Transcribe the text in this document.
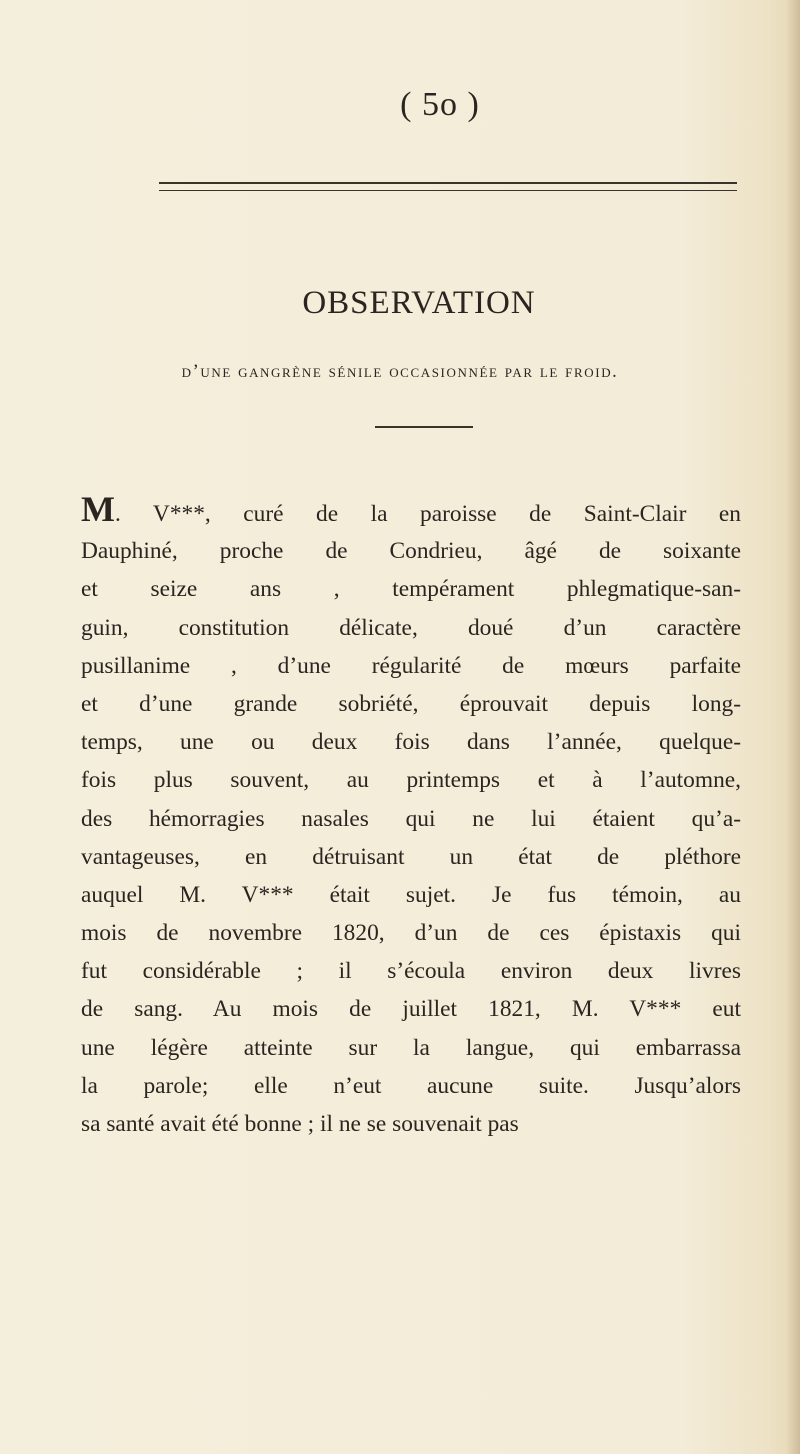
( 5o )
OBSERVATION
d’une gangrène sénile occasionnée par le froid.
M. V***, curé de la paroisse de Saint-Clair en
Dauphiné, proche de Condrieu, âgé de soixante
et seize ans , tempérament phlegmatique-san-
guin, constitution délicate, doué d’un caractère
pusillanime , d’une régularité de mœurs parfaite
et d’une grande sobriété, éprouvait depuis long-
temps, une ou deux fois dans l’année, quelque-
fois plus souvent, au printemps et à l’automne,
des hémorragies nasales qui ne lui étaient qu’a-
vantageuses, en détruisant un état de pléthore
auquel M. V*** était sujet. Je fus témoin, au
mois de novembre 1820, d’un de ces épistaxis qui
fut considérable ; il s’écoula environ deux livres
de sang. Au mois de juillet 1821, M. V*** eut
une légère atteinte sur la langue, qui embarrassa
la parole; elle n’eut aucune suite. Jusqu’alors
sa santé avait été bonne ; il ne se souvenait pas
